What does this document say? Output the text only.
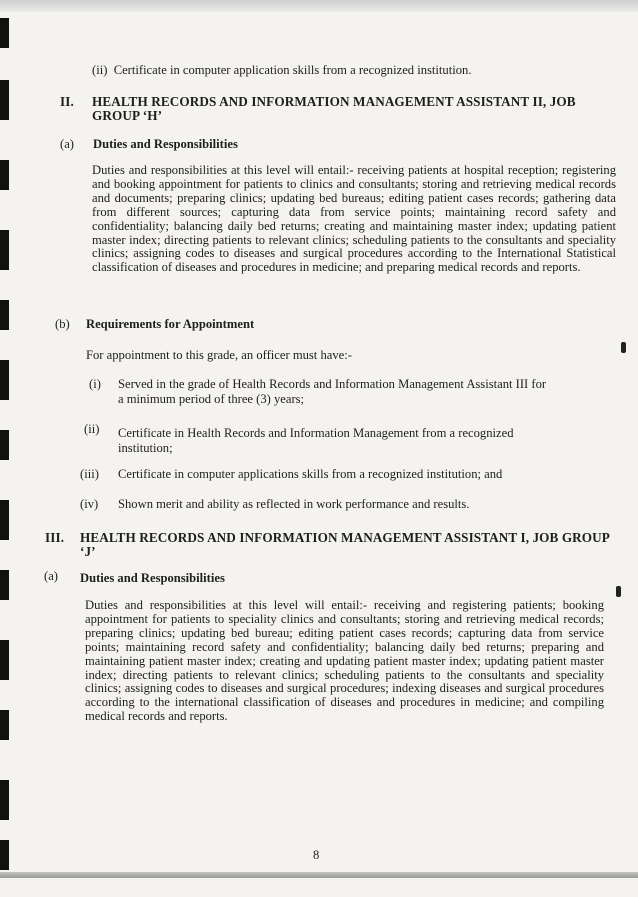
(ii) Certificate in computer application skills from a recognized institution.
II. HEALTH RECORDS AND INFORMATION MANAGEMENT ASSISTANT II, JOB
GROUP ‘H’
(a) Duties and Responsibilities
Duties and responsibilities at this level will entail:- receiving patients at hospital reception; registering and booking appointment for patients to clinics and consultants; storing and retrieving medical records and documents; preparing clinics; updating bed bureaus; editing patient cases records; gathering data from different sources; capturing data from service points; maintaining record safety and confidentiality; balancing daily bed returns; creating and maintaining master index; updating patient master index; directing patients to relevant clinics; scheduling patients to the consultants and speciality clinics; assigning codes to diseases and surgical procedures according to the International Statistical classification of diseases and procedures in medicine; and preparing medical records and reports.
(b) Requirements for Appointment
For appointment to this grade, an officer must have:-
(i) Served in the grade of Health Records and Information Management Assistant III for
a minimum period of three (3) years;
(ii) Certificate in Health Records and Information Management from a recognized
institution;
(iii) Certificate in computer applications skills from a recognized institution; and
(iv) Shown merit and ability as reflected in work performance and results.
III. HEALTH RECORDS AND INFORMATION MANAGEMENT ASSISTANT I, JOB GROUP
‘J’
(a) Duties and Responsibilities
Duties and responsibilities at this level will entail:- receiving and registering patients; booking appointment for patients to speciality clinics and consultants; storing and retrieving medical records; preparing clinics; updating bed bureau; editing patient cases records; capturing data from service points; maintaining record safety and confidentiality; balancing daily bed returns; preparing and maintaining patient master index; creating and updating patient master index; updating patient master index; directing patients to relevant clinics; scheduling patients to the consultants and speciality clinics; assigning codes to diseases and surgical procedures; indexing diseases and surgical procedures according to the international classification of diseases and procedures in medicine; and compiling medical records and reports.
8
